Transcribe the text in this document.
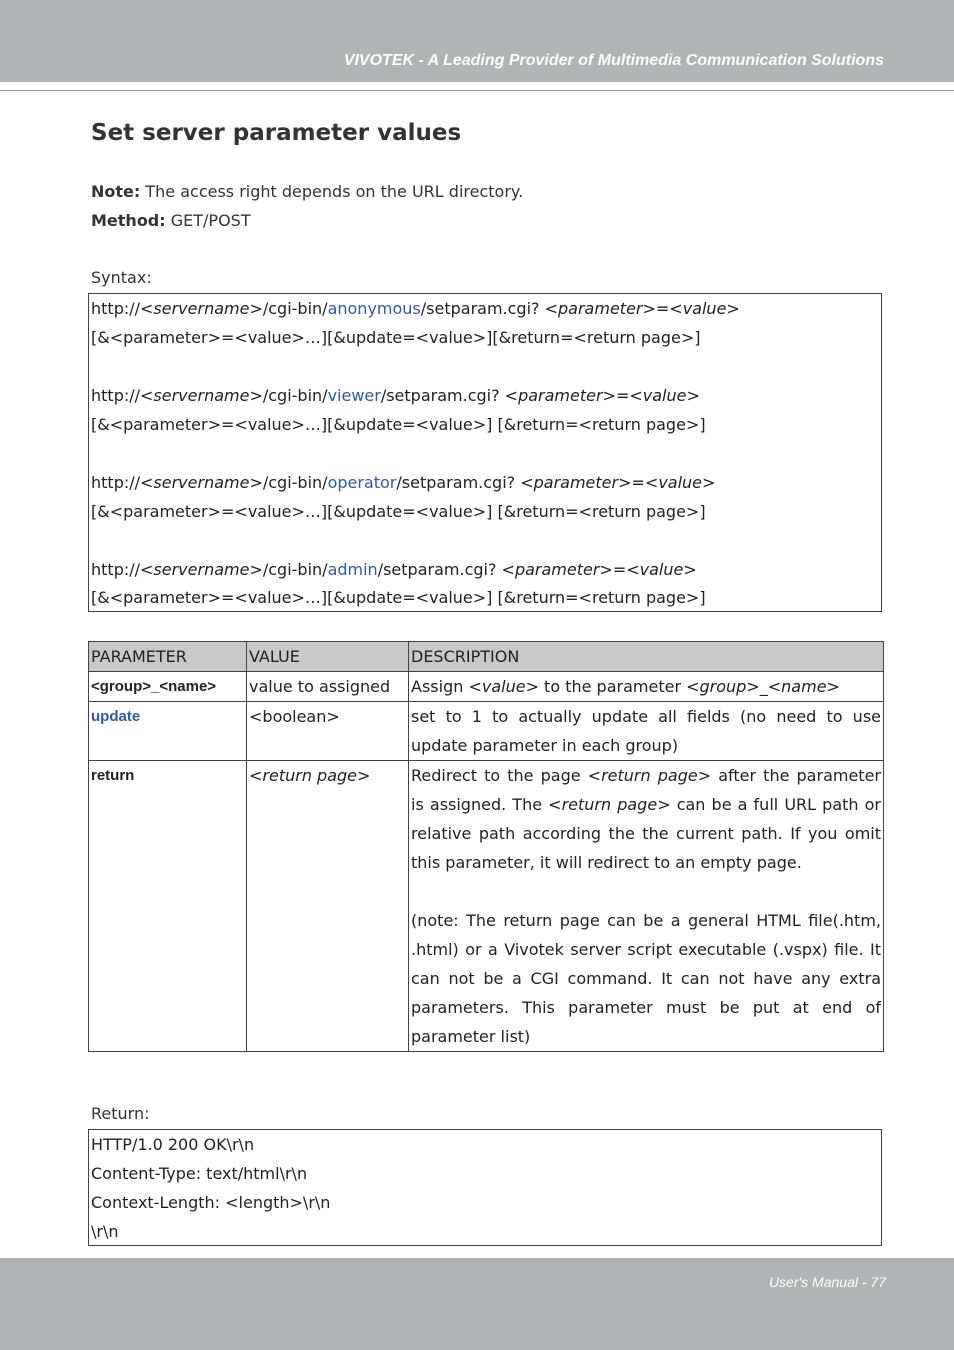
VIVOTEK - A Leading Provider of Multimedia Communication Solutions
Set server parameter values
Note: The access right depends on the URL directory.
Method: GET/POST
Syntax:
http://<servername>/cgi-bin/anonymous/setparam.cgi? <parameter>=<value>
[&<parameter>=<value>…][&update=<value>][&return=<return page>]
http://<servername>/cgi-bin/viewer/setparam.cgi? <parameter>=<value>
[&<parameter>=<value>…][&update=<value>] [&return=<return page>]
http://<servername>/cgi-bin/operator/setparam.cgi? <parameter>=<value>
[&<parameter>=<value>…][&update=<value>] [&return=<return page>]
http://<servername>/cgi-bin/admin/setparam.cgi? <parameter>=<value>
[&<parameter>=<value>…][&update=<value>] [&return=<return page>]
PARAMETER	VALUE	DESCRIPTION
<group>_<name>	value to assigned	Assign <value> to the parameter <group>_<name>
update	<boolean>	set to 1 to actually update all fields (no need to use update parameter in each group)
return	<return page>	Redirect to the page <return page> after the parameter is assigned. The <return page> can be a full URL path or relative path according the the current path. If you omit this parameter, it will redirect to an empty page.
(note: The return page can be a general HTML file(.htm, .html) or a Vivotek server script executable (.vspx) file. It can not be a CGI command. It can not have any extra parameters. This parameter must be put at end of parameter list)
Return:
HTTP/1.0 200 OK\r\n
Content-Type: text/html\r\n
Context-Length: <length>\r\n
\r\n
User's Manual - 77
